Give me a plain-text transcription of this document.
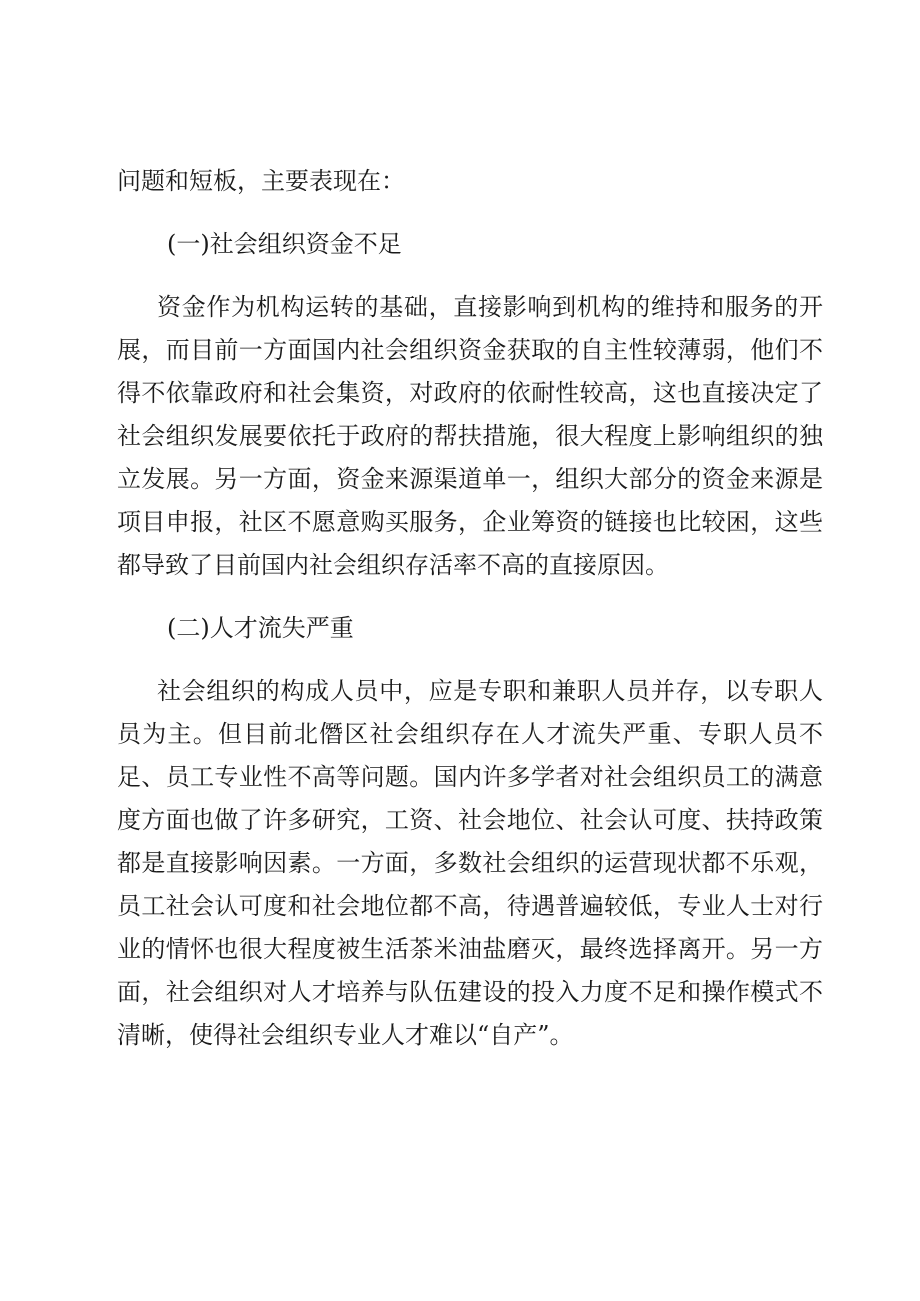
问题和短板，主要表现在：

(一)社会组织资金不足

资金作为机构运转的基础，直接影响到机构的维持和服务的开展，而目前一方面国内社会组织资金获取的自主性较薄弱，他们不得不依靠政府和社会集资，对政府的依耐性较高，这也直接决定了社会组织发展要依托于政府的帮扶措施，很大程度上影响组织的独立发展。另一方面，资金来源渠道单一，组织大部分的资金来源是项目申报，社区不愿意购买服务，企业筹资的链接也比较困，这些都导致了目前国内社会组织存活率不高的直接原因。

(二)人才流失严重

社会组织的构成人员中，应是专职和兼职人员并存，以专职人员为主。但目前北僭区社会组织存在人才流失严重、专职人员不足、员工专业性不高等问题。国内许多学者对社会组织员工的满意度方面也做了许多研究，工资、社会地位、社会认可度、扶持政策都是直接影响因素。一方面，多数社会组织的运营现状都不乐观，员工社会认可度和社会地位都不高，待遇普遍较低，专业人士对行业的情怀也很大程度被生活茶米油盐磨灭，最终选择离开。另一方面，社会组织对人才培养与队伍建设的投入力度不足和操作模式不清晰，使得社会组织专业人才难以“自产”。
